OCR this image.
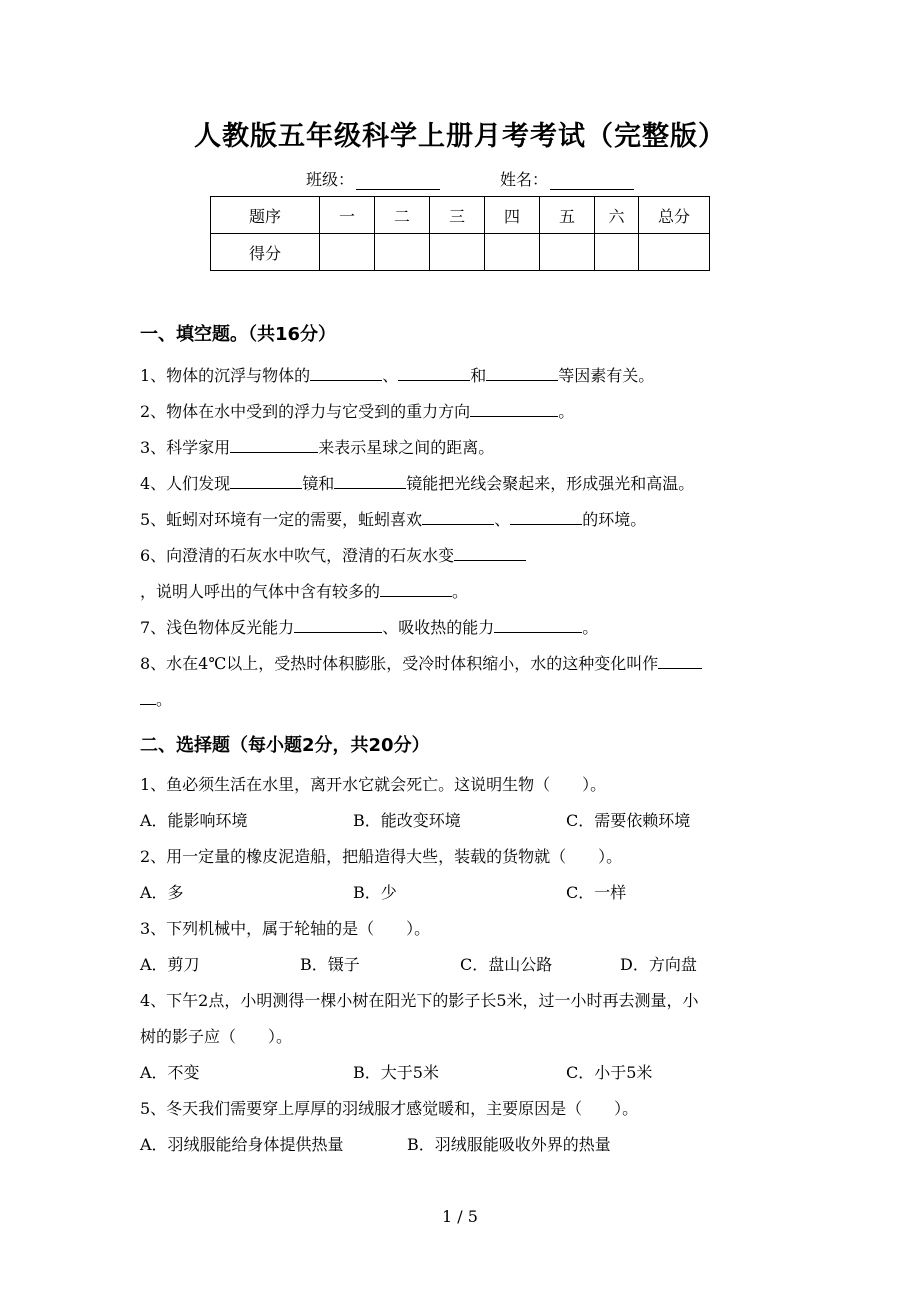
人教版五年级科学上册月考考试（完整版）
班级：	姓名：
题序	一	二	三	四	五	六	总分
得分							
一、填空题。（共16分）
1、物体的沉浮与物体的	、	和	等因素有关。
2、物体在水中受到的浮力与它受到的重力方向	。
3、科学家用	来表示星球之间的距离。
4、人们发现	镜和	镜能把光线会聚起来，形成强光和高温。
5、蚯蚓对环境有一定的需要，蚯蚓喜欢	、	的环境。
6、向澄清的石灰水中吹气，澄清的石灰水变
，说明人呼出的气体中含有较多的	。
7、浅色物体反光能力	、吸收热的能力	。
8、水在4℃以上，受热时体积膨胀，受冷时体积缩小，水的这种变化叫作
。
二、选择题（每小题2分，共20分）
1、鱼必须生活在水里，离开水它就会死亡。这说明生物（　　）。
A．能影响环境	B．能改变环境	C．需要依赖环境
2、用一定量的橡皮泥造船，把船造得大些，装载的货物就（　　）。
A．多	B．少	C．一样
3、下列机械中，属于轮轴的是（　　）。
A．剪刀	B．镊子	C．盘山公路	D．方向盘
4、下午2点，小明测得一棵小树在阳光下的影子长5米，过一小时再去测量，小
树的影子应（　　）。
A．不变	B．大于5米	C．小于5米
5、冬天我们需要穿上厚厚的羽绒服才感觉暖和，主要原因是（　　）。
A．羽绒服能给身体提供热量	B．羽绒服能吸收外界的热量
1 / 5
